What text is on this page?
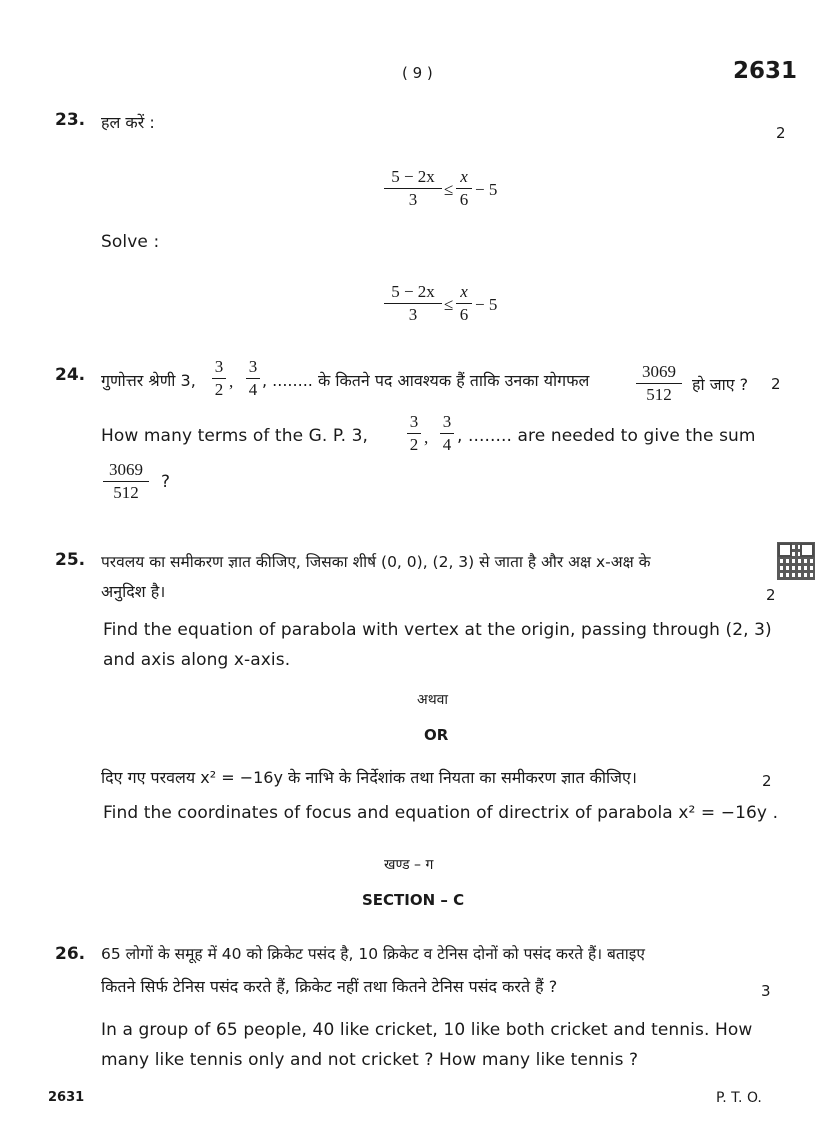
( 9 )	2631
23. हल करें :
2
5 − 2x
3
≤
x
6
− 5
Solve :
5 − 2x
3
≤
x
6
− 5
24. गुणोत्तर श्रेणी 3,
3
2 ,
3
4 , ........ के कितने पद आवश्यक हैं ताकि उनका योगफल	3069
512
हो जाए ? 2
How many terms of the G. P. 3,
3
2 ,
3
4 , ........ are needed to give the sum
3069
512
?
25. परवलय का समीकरण ज्ञात कीजिए, जिसका शीर्ष (0, 0), (2, 3) से जाता है और अक्ष x-अक्ष के
अनुदिश है।	2
Find the equation of parabola with vertex at the origin, passing through (2, 3)
and axis along x-axis.
अथवा
OR
दिए गए परवलय x² = −16y के नाभि के निर्देशांक तथा नियता का समीकरण ज्ञात कीजिए।	2
Find the coordinates of focus and equation of directrix of parabola x² = −16y .
खण्ड – ग
SECTION – C
26. 65 लोगों के समूह में 40 को क्रिकेट पसंद है, 10 क्रिकेट व टेनिस दोनों को पसंद करते हैं। बताइए
कितने सिर्फ टेनिस पसंद करते हैं, क्रिकेट नहीं तथा कितने टेनिस पसंद करते हैं ?	3
In a group of 65 people, 40 like cricket, 10 like both cricket and tennis. How
many like tennis only and not cricket ? How many like tennis ?
2631	P. T. O.
